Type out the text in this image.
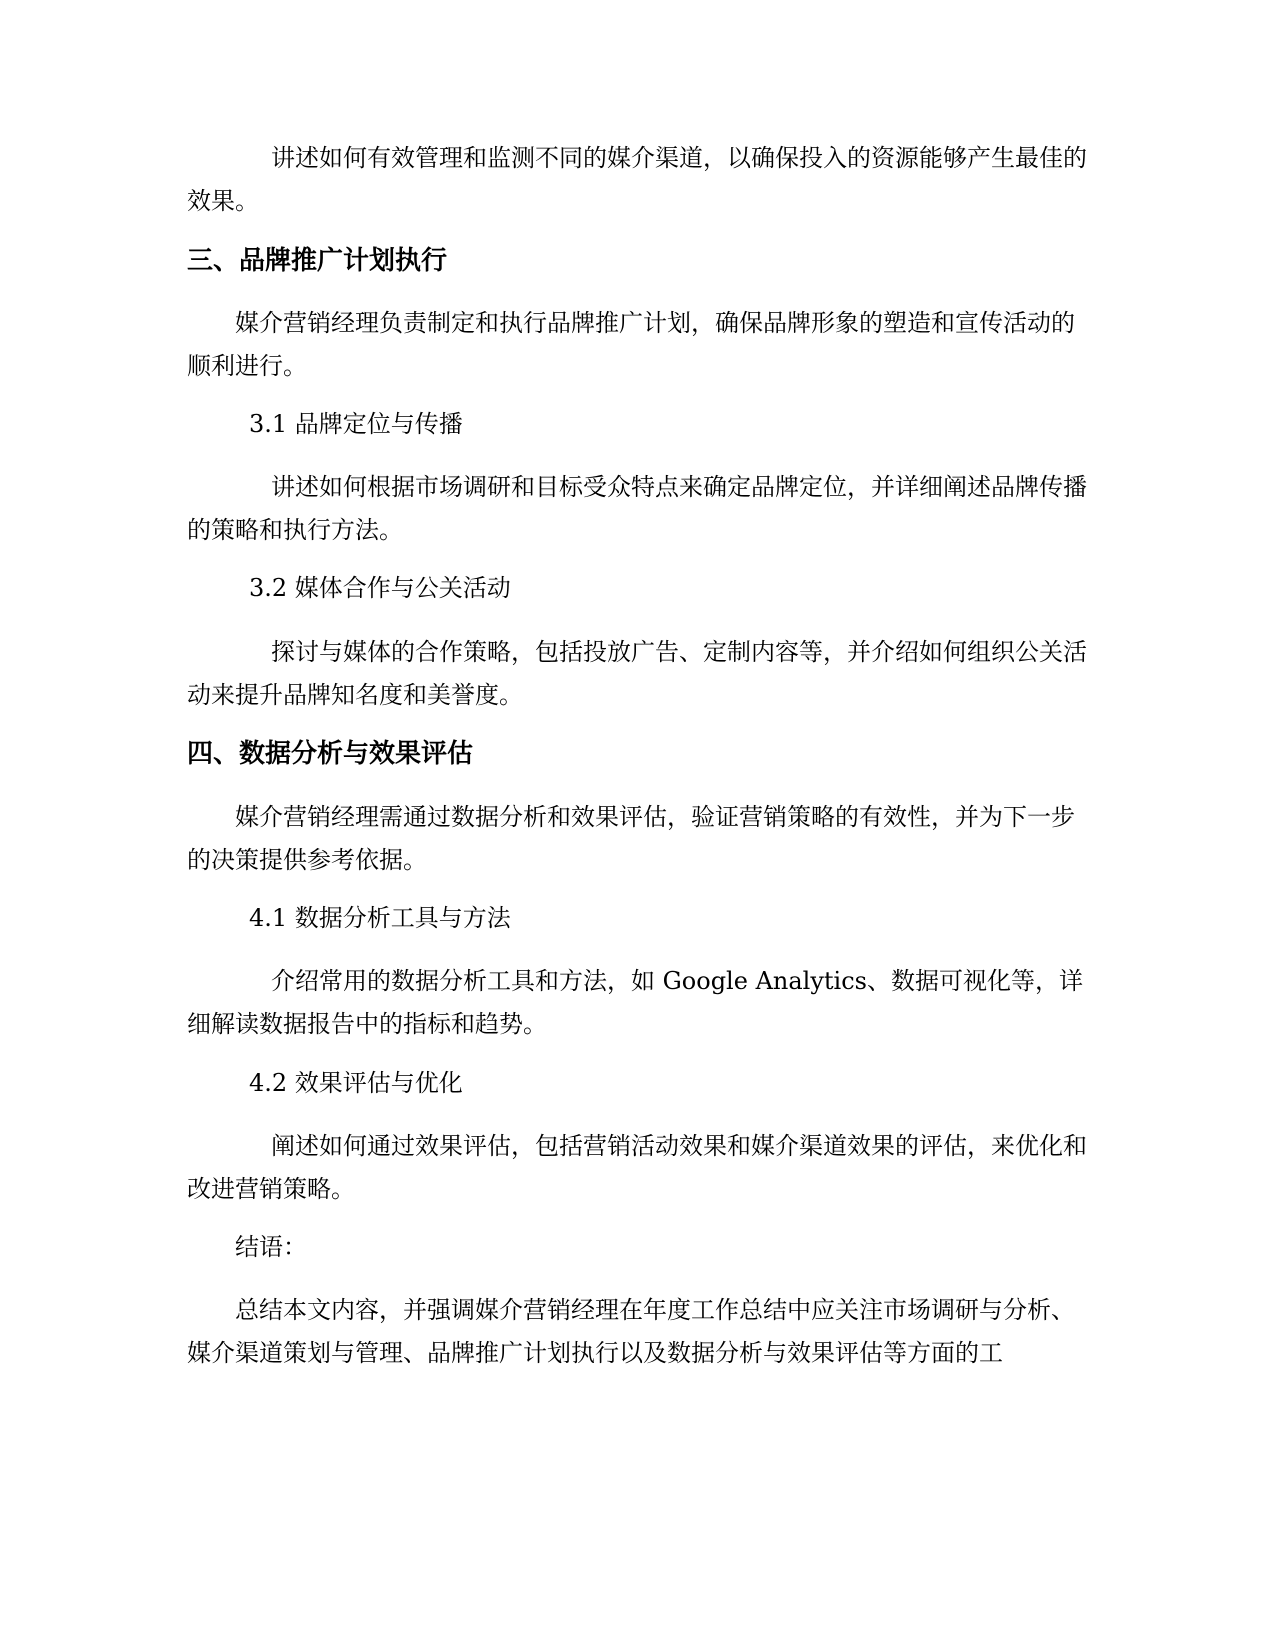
讲述如何有效管理和监测不同的媒介渠道，以确保投入的资源能够产生最佳的效果。

三、品牌推广计划执行

媒介营销经理负责制定和执行品牌推广计划，确保品牌形象的塑造和宣传活动的顺利进行。

3.1 品牌定位与传播

讲述如何根据市场调研和目标受众特点来确定品牌定位，并详细阐述品牌传播的策略和执行方法。

3.2 媒体合作与公关活动

探讨与媒体的合作策略，包括投放广告、定制内容等，并介绍如何组织公关活动来提升品牌知名度和美誉度。

四、数据分析与效果评估

媒介营销经理需通过数据分析和效果评估，验证营销策略的有效性，并为下一步的决策提供参考依据。

4.1 数据分析工具与方法

介绍常用的数据分析工具和方法，如 Google Analytics、数据可视化等，详细解读数据报告中的指标和趋势。

4.2 效果评估与优化

阐述如何通过效果评估，包括营销活动效果和媒介渠道效果的评估，来优化和改进营销策略。

结语：

总结本文内容，并强调媒介营销经理在年度工作总结中应关注市场调研与分析、媒介渠道策划与管理、品牌推广计划执行以及数据分析与效果评估等方面的工
